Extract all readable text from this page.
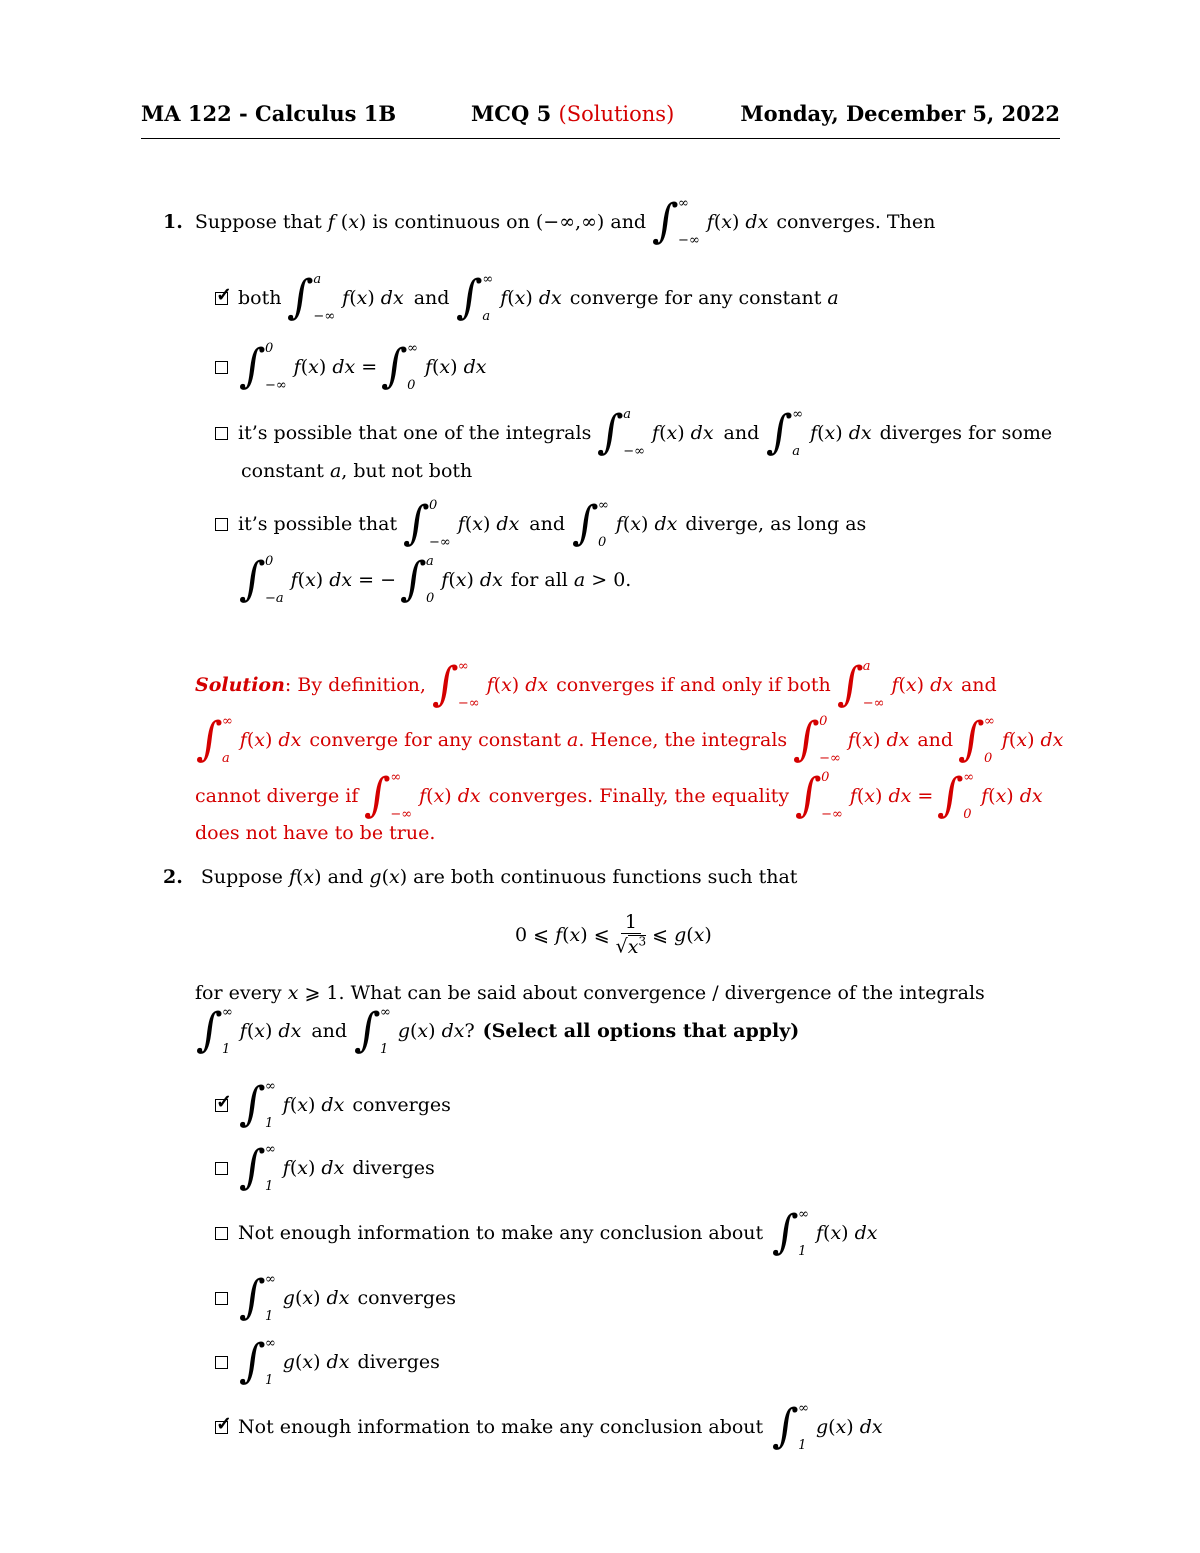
MA 122 - Calculus 1B	MCQ 5 (Solutions)	Monday, December 5, 2022
1. Suppose that f (x) is continuous on (−∞,∞) and ∫
∞
−∞
f(x) dx converges. Then
✓
both ∫
a
−∞
f(x) dx and ∫
∞
a
f(x) dx converge for any constant a
∫
0
−∞
f(x) dx = ∫
∞
0
f(x) dx
it’s possible that one of the integrals ∫
a
−∞
f(x) dx and ∫
∞
a
f(x) dx diverges for some
constant a, but not both
it’s possible that ∫
0
−∞
f(x) dx and ∫
∞
0
f(x) dx diverge, as long as
∫
0
−a
f(x) dx = − ∫
a
0
f(x) dx for all a > 0.
Solution : By definition, ∫
∞
−∞
f(x) dx converges if and only if both ∫
a
−∞
f(x) dx and
∫
∞
a
f(x) dx converge for any constant a . Hence, the integrals ∫
0
−∞
f(x) dx and ∫
∞
0
f(x) dx
cannot diverge if ∫
∞
−∞
f(x) dx converges. Finally, the equality ∫
0
−∞
f(x) dx = ∫
∞
0
f(x) dx
does not have to be true.
2. Suppose f(x) and g(x) are both continuous functions such that
0 ⩽ f(x) ⩽ $\frac{1}{√x^3}$ ⩽ g(x)
for every x ⩾ 1. What can be said about convergence / divergence of the integrals
∫
∞
1
f(x) dx and ∫
∞
1
g(x) dx? (Select all options that apply)
✓
∫
∞
1
f(x) dx converges
∫
∞
1
f(x) dx diverges
Not enough information to make any conclusion about ∫
∞
1
f(x) dx
∫
∞
1
g(x) dx converges
∫
∞
1
g(x) dx diverges
✓
Not enough information to make any conclusion about ∫
∞
1
g(x) dx
